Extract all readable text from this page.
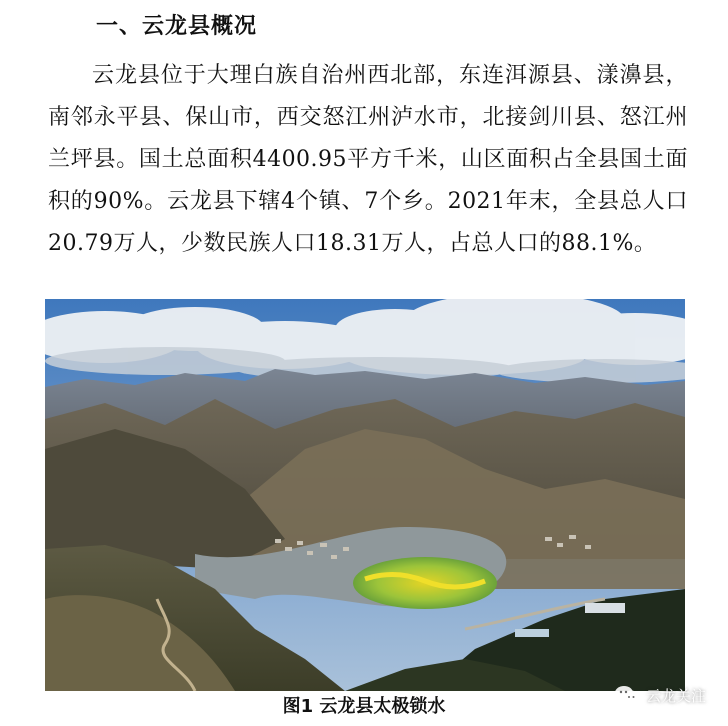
一、云龙县概况

云龙县位于大理白族自治州西北部，东连洱源县、漾濞县，南邻永平县、保山市，西交怒江州泸水市，北接剑川县、怒江州兰坪县。国土总面积4400.95平方千米，山区面积占全县国土面积的90%。云龙县下辖4个镇、7个乡。2021年末，全县总人口20.79万人，少数民族人口18.31万人，占总人口的88.1%。

图1 云龙县太极锁水
云龙关注
